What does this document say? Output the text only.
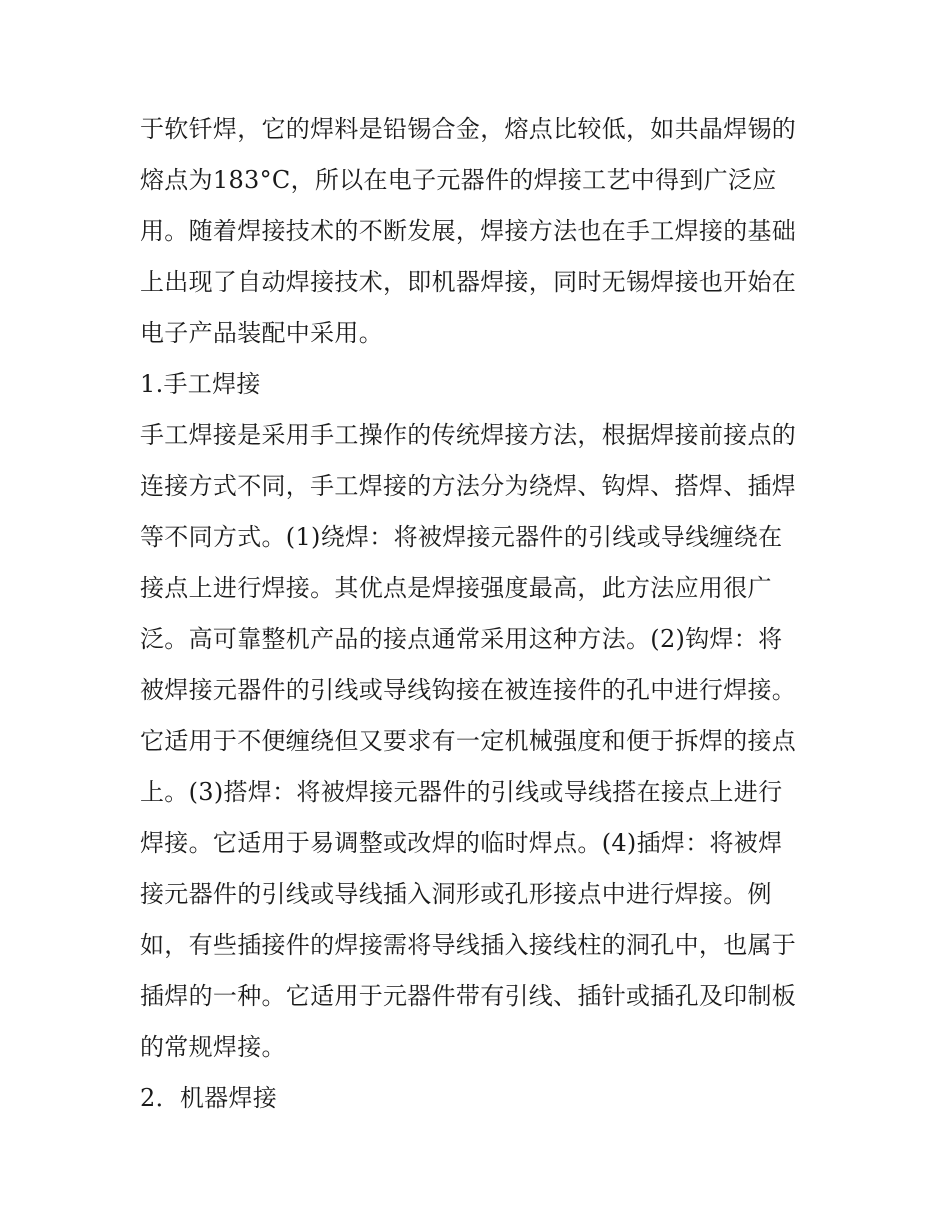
于软钎焊，它的焊料是铅锡合金，熔点比较低，如共晶焊锡的
熔点为183°C，所以在电子元器件的焊接工艺中得到广泛应
用。随着焊接技术的不断发展，焊接方法也在手工焊接的基础
上出现了自动焊接技术，即机器焊接，同时无锡焊接也开始在
电子产品装配中采用。
1.手工焊接
手工焊接是采用手工操作的传统焊接方法，根据焊接前接点的
连接方式不同，手工焊接的方法分为绕焊、钩焊、搭焊、插焊
等不同方式。(1)绕焊：将被焊接元器件的引线或导线缠绕在
接点上进行焊接。其优点是焊接强度最高，此方法应用很广
泛。高可靠整机产品的接点通常采用这种方法。(2)钩焊：将
被焊接元器件的引线或导线钩接在被连接件的孔中进行焊接。
它适用于不便缠绕但又要求有一定机械强度和便于拆焊的接点
上。(3)搭焊：将被焊接元器件的引线或导线搭在接点上进行
焊接。它适用于易调整或改焊的临时焊点。(4)插焊：将被焊
接元器件的引线或导线插入洞形或孔形接点中进行焊接。例
如，有些插接件的焊接需将导线插入接线柱的洞孔中，也属于
插焊的一种。它适用于元器件带有引线、插针或插孔及印制板
的常规焊接。
2．机器焊接
